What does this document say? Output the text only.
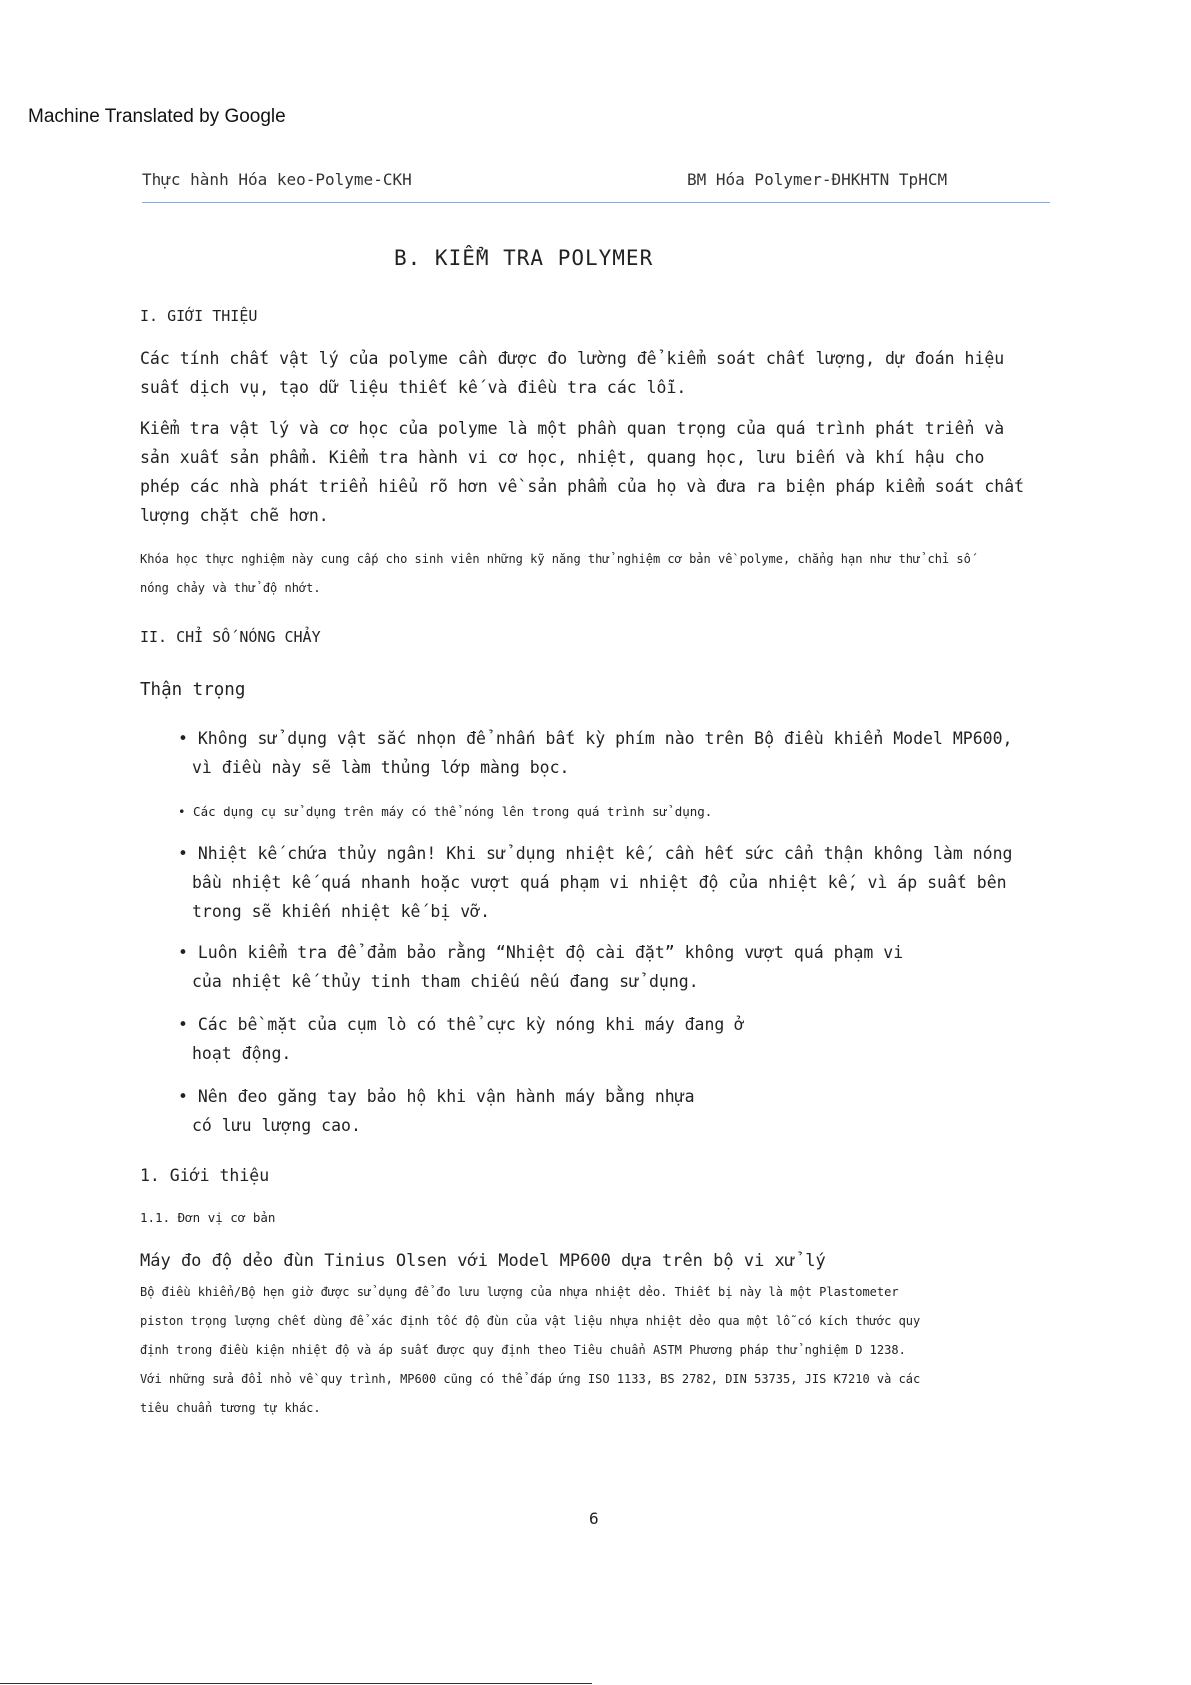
Machine Translated by Google
Thực hành Hóa keo-Polyme-CKH	BM Hóa Polymer-ĐHKHTN TpHCM
B. KIỂM TRA POLYMER
I. GIỚI THIỆU
Các tính chất vật lý của polyme cần được đo lường để kiểm soát chất lượng, dự đoán hiệu
suất dịch vụ, tạo dữ liệu thiết kế và điều tra các lỗi.
Kiểm tra vật lý và cơ học của polyme là một phần quan trọng của quá trình phát triển và
sản xuất sản phẩm. Kiểm tra hành vi cơ học, nhiệt, quang học, lưu biến và khí hậu cho
phép các nhà phát triển hiểu rõ hơn về sản phẩm của họ và đưa ra biện pháp kiểm soát chất
lượng chặt chẽ hơn.
Khóa học thực nghiệm này cung cấp cho sinh viên những kỹ năng thử nghiệm cơ bản về polyme, chẳng hạn như thử chỉ số
nóng chảy và thử độ nhớt.
II. CHỈ SỐ NÓNG CHẢY
Thận trọng
• Không sử dụng vật sắc nhọn để nhấn bất kỳ phím nào trên Bộ điều khiển Model MP600,
vì điều này sẽ làm thủng lớp màng bọc.
• Các dụng cụ sử dụng trên máy có thể nóng lên trong quá trình sử dụng.
• Nhiệt kế chứa thủy ngân! Khi sử dụng nhiệt kế, cần hết sức cẩn thận không làm nóng
bầu nhiệt kế quá nhanh hoặc vượt quá phạm vi nhiệt độ của nhiệt kế, vì áp suất bên
trong sẽ khiến nhiệt kế bị vỡ.
• Luôn kiểm tra để đảm bảo rằng “Nhiệt độ cài đặt” không vượt quá phạm vi
của nhiệt kế thủy tinh tham chiếu nếu đang sử dụng.
• Các bề mặt của cụm lò có thể cực kỳ nóng khi máy đang ở
hoạt động.
• Nên đeo găng tay bảo hộ khi vận hành máy bằng nhựa
có lưu lượng cao.
1. Giới thiệu
1.1. Đơn vị cơ bản
Máy đo độ dẻo đùn Tinius Olsen với Model MP600 dựa trên bộ vi xử lý
Bộ điều khiển/Bộ hẹn giờ được sử dụng để đo lưu lượng của nhựa nhiệt dẻo. Thiết bị này là một Plastometer
piston trọng lượng chết dùng để xác định tốc độ đùn của vật liệu nhựa nhiệt dẻo qua một lỗ có kích thước quy
định trong điều kiện nhiệt độ và áp suất được quy định theo Tiêu chuẩn ASTM Phương pháp thử nghiệm D 1238.
Với những sửa đổi nhỏ về quy trình, MP600 cũng có thể đáp ứng ISO 1133, BS 2782, DIN 53735, JIS K7210 và các
tiêu chuẩn tương tự khác.
6
